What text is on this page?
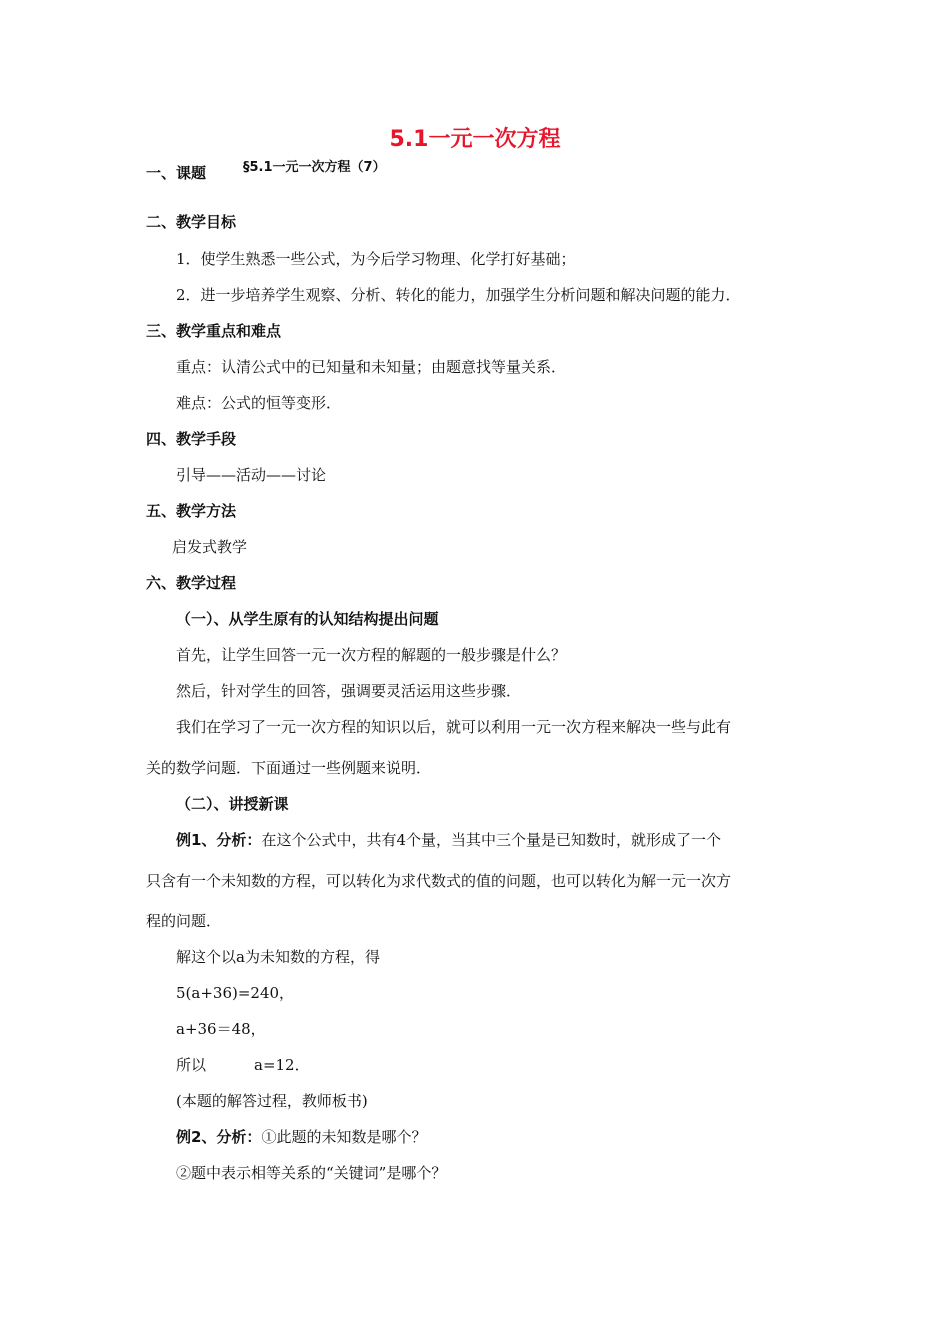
5.1一元一次方程
一、课题	§5.1一元一次方程（7）
二、教学目标
1．使学生熟悉一些公式，为今后学习物理、化学打好基础；
2．进一步培养学生观察、分析、转化的能力，加强学生分析问题和解决问题的能力．
三、教学重点和难点
重点：认清公式中的已知量和未知量；由题意找等量关系．
难点：公式的恒等变形．
四、教学手段
引导——活动——讨论
五、教学方法
启发式教学
六、教学过程
（一）、从学生原有的认知结构提出问题
首先，让学生回答一元一次方程的解题的一般步骤是什么？
然后，针对学生的回答，强调要灵活运用这些步骤．
我们在学习了一元一次方程的知识以后，就可以利用一元一次方程来解决一些与此有
关的数学问题．下面通过一些例题来说明．
（二）、讲授新课
例1、分析：在这个公式中，共有4个量，当其中三个量是已知数时，就形成了一个
只含有一个未知数的方程，可以转化为求代数式的值的问题，也可以转化为解一元一次方
程的问题．
解这个以a为未知数的方程，得
5(a+36)=240，
a+36＝48，
所以	a=12．
(本题的解答过程，教师板书)
例2、分析：①此题的未知数是哪个？
②题中表示相等关系的“关键词”是哪个？
